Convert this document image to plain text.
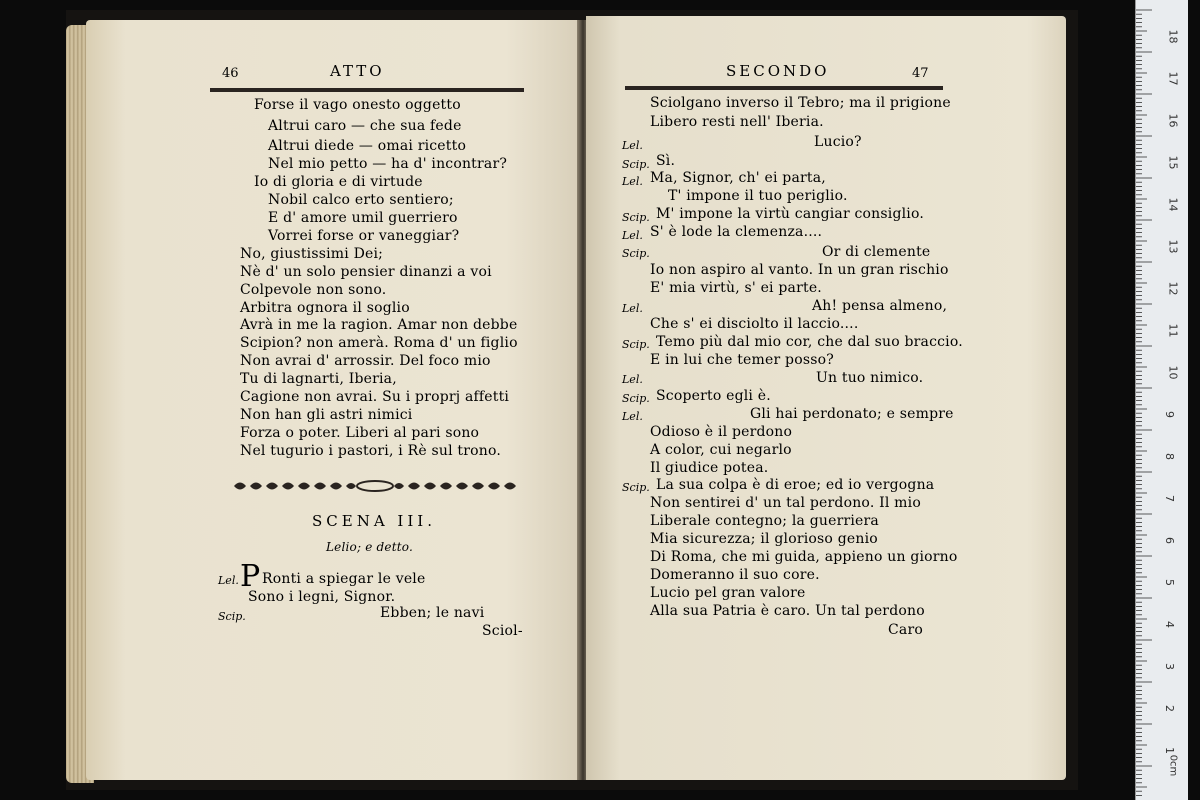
46	ATTO
Forse il vago onesto oggetto
Altrui caro — che sua fede
Altrui diede — omai ricetto
Nel mio petto — ha d' incontrar?
Io di gloria e di virtude
Nobil calco erto sentiero;
E d' amore umil guerriero
Vorrei forse or vaneggiar?
No, giustissimi Dei;
Nè d' un solo pensier dinanzi a voi
Colpevole non sono.
Arbitra ognora il soglio
Avrà in me la ragion. Amar non debbe
Scipion? non amerà. Roma d' un figlio
Non avrai d' arrossir. Del foco mio
Tu di lagnarti, Iberia,
Cagione non avrai. Su i proprj affetti
Non han gli astri nimici
Forza o poter. Liberi al pari sono
Nel tugurio i pastori, i Rè sul trono.
SCENA III.
Lelio; e detto.
Lel. P Ronti a spiegar le vele
Sono i legni, Signor.
Scip.	Ebben; le navi
Sciol-
SECONDO	47
Sciolgano inverso il Tebro; ma il prigione
Libero resti nell' Iberia.
Lel.	Lucio?
Scip. Sì.
Lel. Ma, Signor, ch' ei parta,
T' impone il tuo periglio.
Scip. M' impone la virtù cangiar consiglio.
Lel. S' è lode la clemenza....
Scip.	Or di clemente
Io non aspiro al vanto. In un gran rischio
E' mia virtù, s' ei parte.
Lel.	Ah! pensa almeno,
Che s' ei disciolto il laccio....
Scip. Temo più dal mio cor, che dal suo braccio.
E in lui che temer posso?
Lel.	Un tuo nimico.
Scip. Scoperto egli è.
Lel.	Gli hai perdonato; e sempre
Odioso è il perdono
A color, cui negarlo
Il giudice potea.
Scip. La sua colpa è di eroe; ed io vergogna
Non sentirei d' un tal perdono. Il mio
Liberale contegno; la guerriera
Mia sicurezza; il glorioso genio
Di Roma, che mi guida, appieno un giorno
Domeranno il suo core.
Lucio pel gran valore
Alla sua Patria è caro. Un tal perdono
Caro
18
17
16
15
14
13
12
11
10
9
8
7
6
5
4
3
2
1
0cm
